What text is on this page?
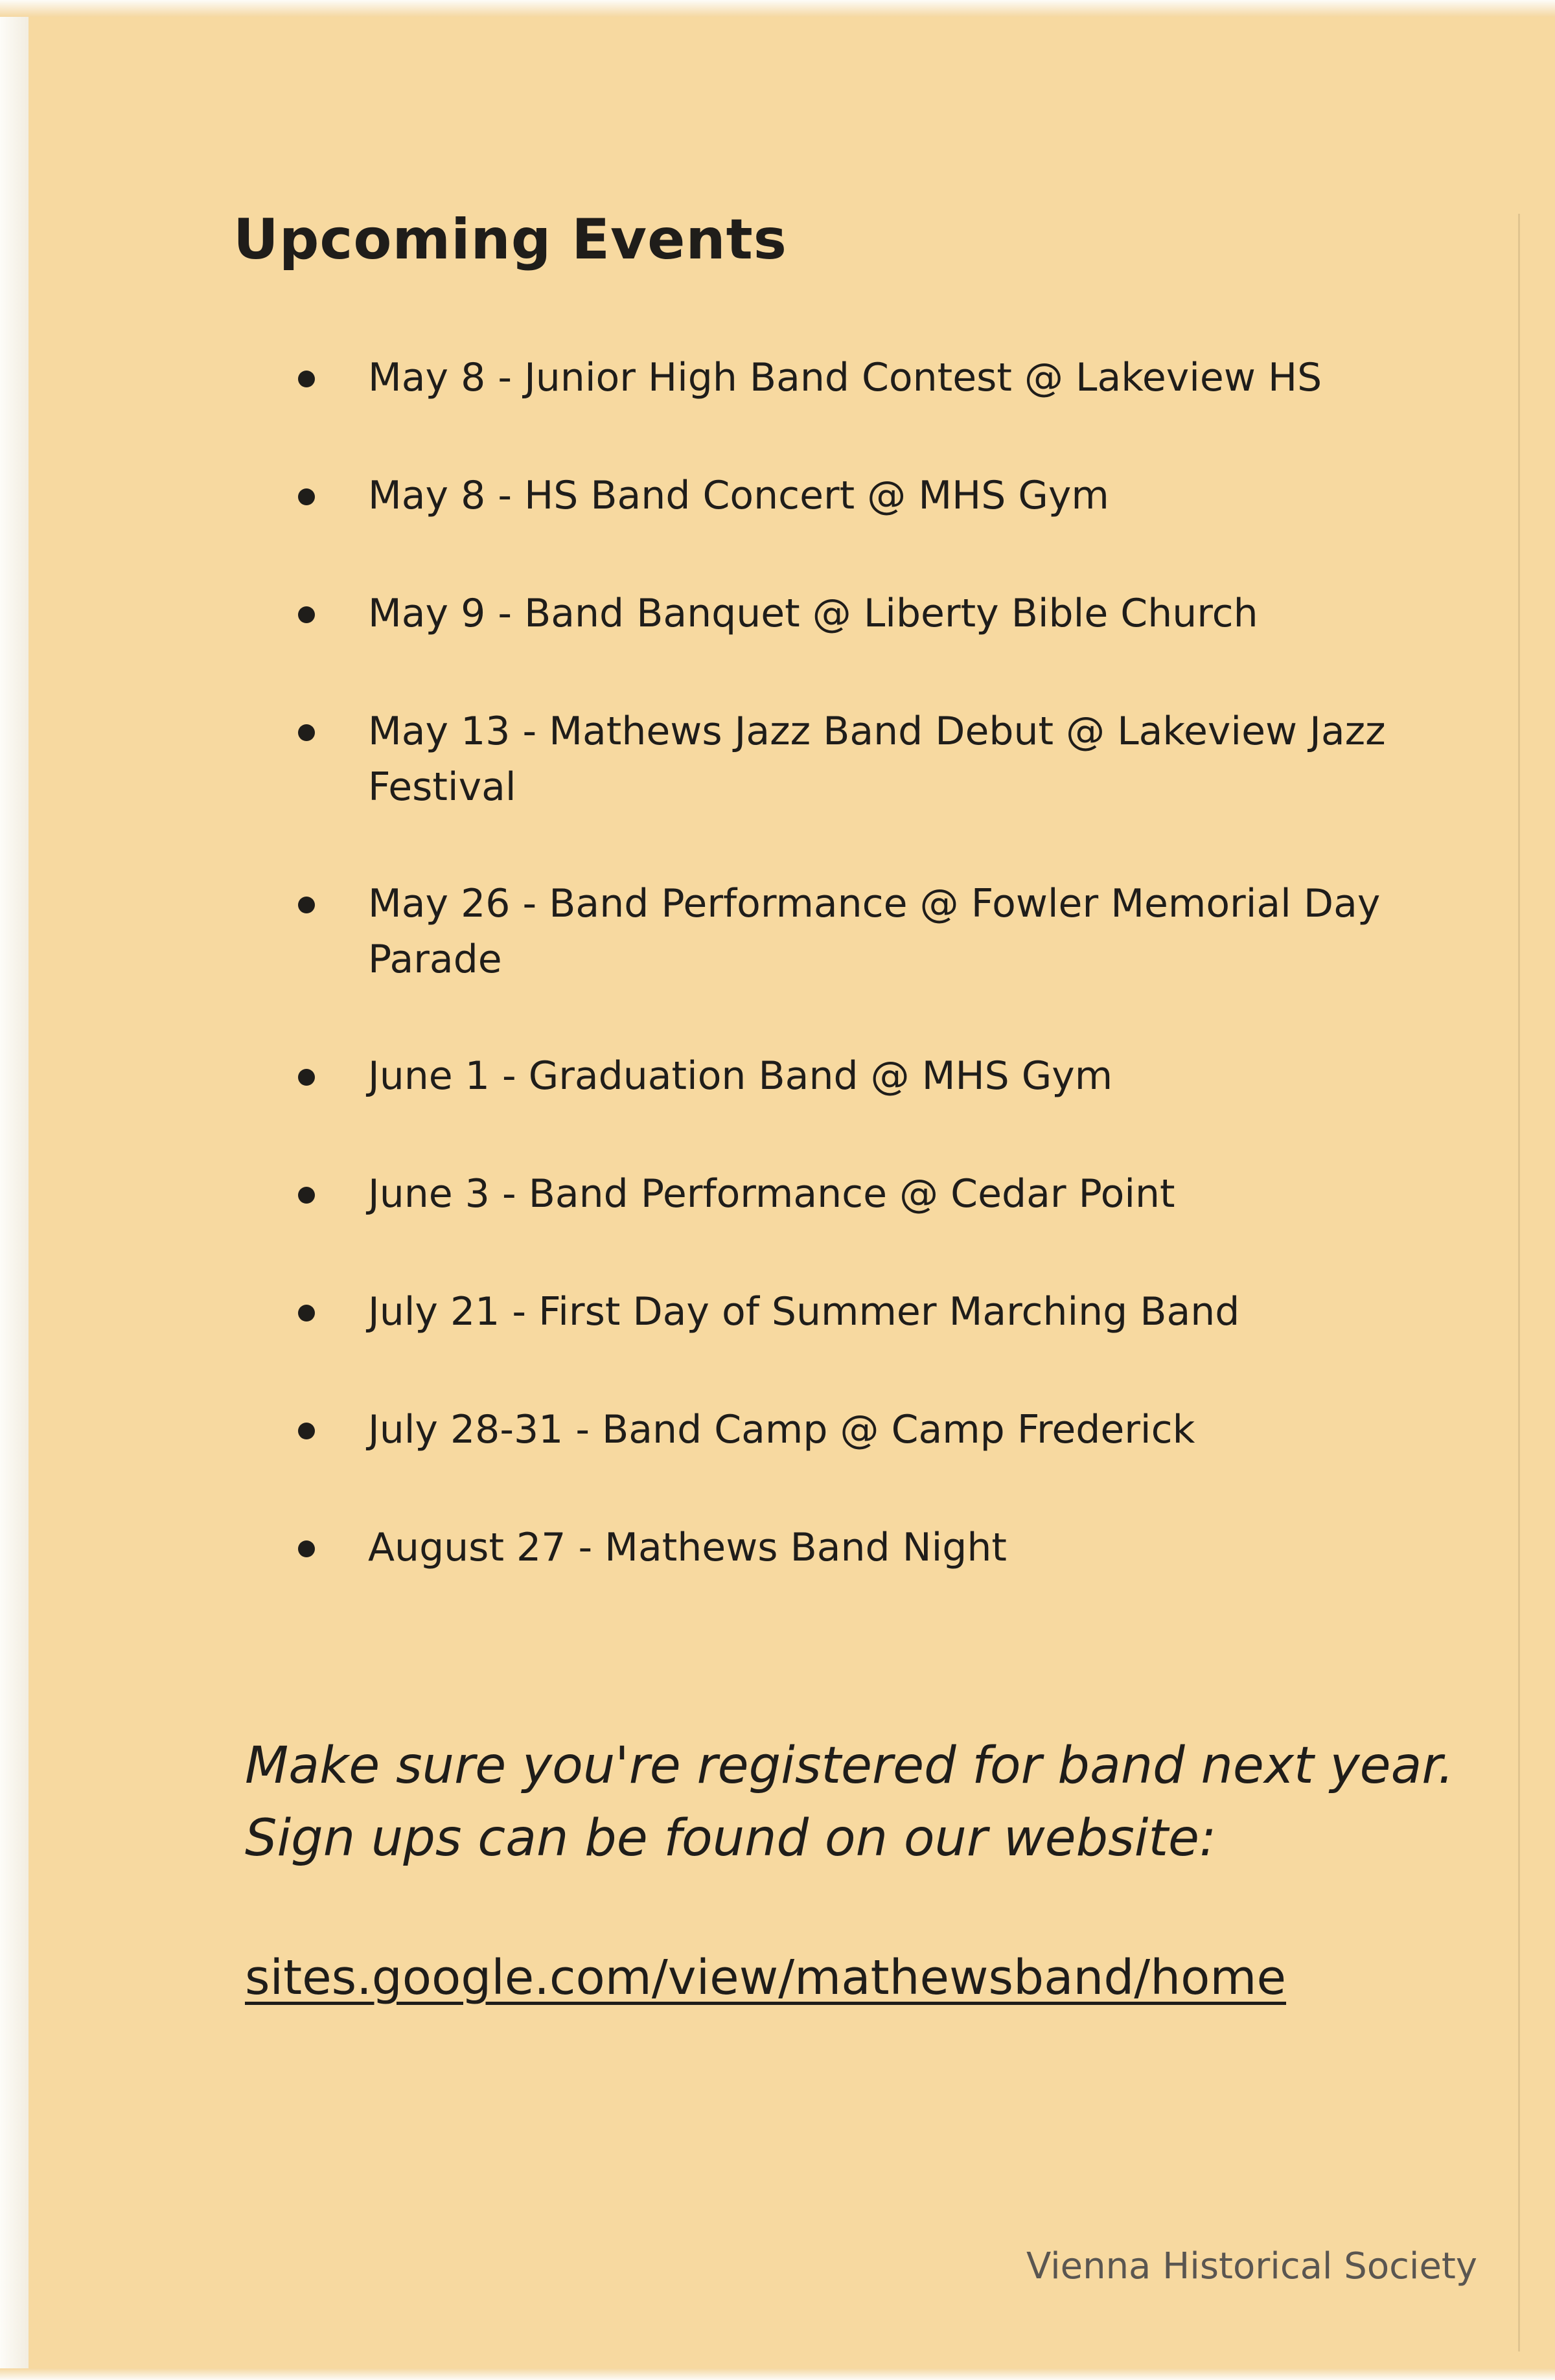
Upcoming Events
May 8 - Junior High Band Contest @ Lakeview HS
May 8 - HS Band Concert @ MHS Gym
May 9 - Band Banquet @ Liberty Bible Church
May 13 - Mathews Jazz Band Debut @ Lakeview Jazz Festival
May 26 - Band Performance @ Fowler Memorial Day Parade
June 1 - Graduation Band @ MHS Gym
June 3 - Band Performance @ Cedar Point
July 21 - First Day of Summer Marching Band
July 28-31 - Band Camp @ Camp Frederick
August 27 - Mathews Band Night

Make sure you're registered for band next year. Sign ups can be found on our website:

sites.google.com/view/mathewsband/home
Vienna Historical Society
